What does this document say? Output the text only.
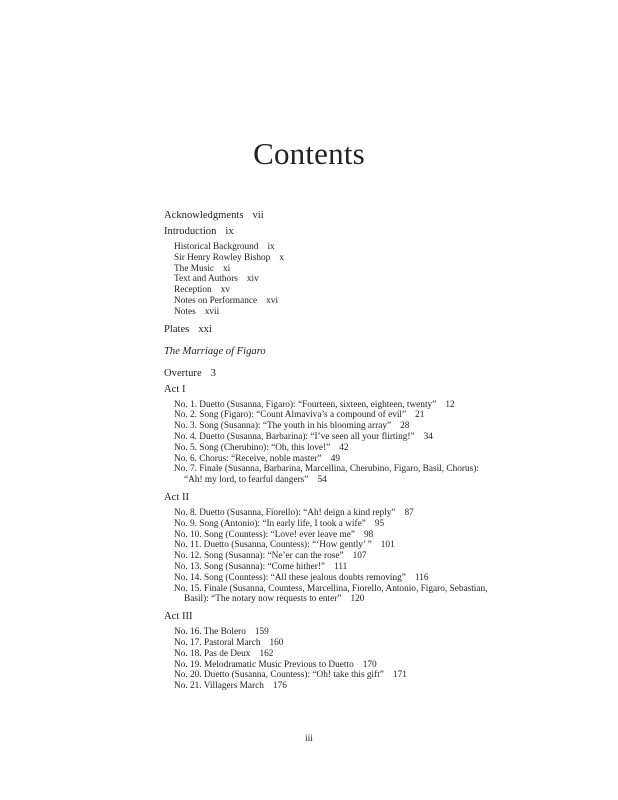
Contents
Acknowledgments vii
Introduction ix
Historical Background ix
Sir Henry Rowley Bishop x
The Music xi
Text and Authors xiv
Reception xv
Notes on Performance xvi
Notes xvii
Plates xxi
The Marriage of Figaro
Overture 3
Act I
No. 1. Duetto (Susanna, Figaro): “Fourteen, sixteen, eighteen, twenty” 12
No. 2. Song (Figaro): “Count Almaviva’s a compound of evil” 21
No. 3. Song (Susanna): “The youth in his blooming array” 28
No. 4. Duetto (Susanna, Barbarina): “I’ve seen all your flirting!” 34
No. 5. Song (Cherubino): “Oh, this love!” 42
No. 6. Chorus: “Receive, noble master” 49
No. 7. Finale (Susanna, Barbarina, Marcellina, Cherubino, Figaro, Basil, Chorus):
“Ah! my lord, to fearful dangers” 54
Act II
No. 8. Duetto (Susanna, Fiorello): “Ah! deign a kind reply” 87
No. 9. Song (Antonio): “In early life, I took a wife” 95
No. 10. Song (Countess): “Love! ever leave me” 98
No. 11. Duetto (Susanna, Countess): “‘How gently’ ” 101
No. 12. Song (Susanna): “Ne’er can the rose” 107
No. 13. Song (Susanna): “Come hither!” 111
No. 14. Song (Countess): “All these jealous doubts removing” 116
No. 15. Finale (Susanna, Countess, Marcellina, Fiorello, Antonio, Figaro, Sebastian,
Basil): “The notary now requests to enter” 120
Act III
No. 16. The Bolero 159
No. 17. Pastoral March 160
No. 18. Pas de Deux 162
No. 19. Melodramatic Music Previous to Duetto 170
No. 20. Duetto (Susanna, Countess): “Oh! take this gift” 171
No. 21. Villagers March 176
iii
